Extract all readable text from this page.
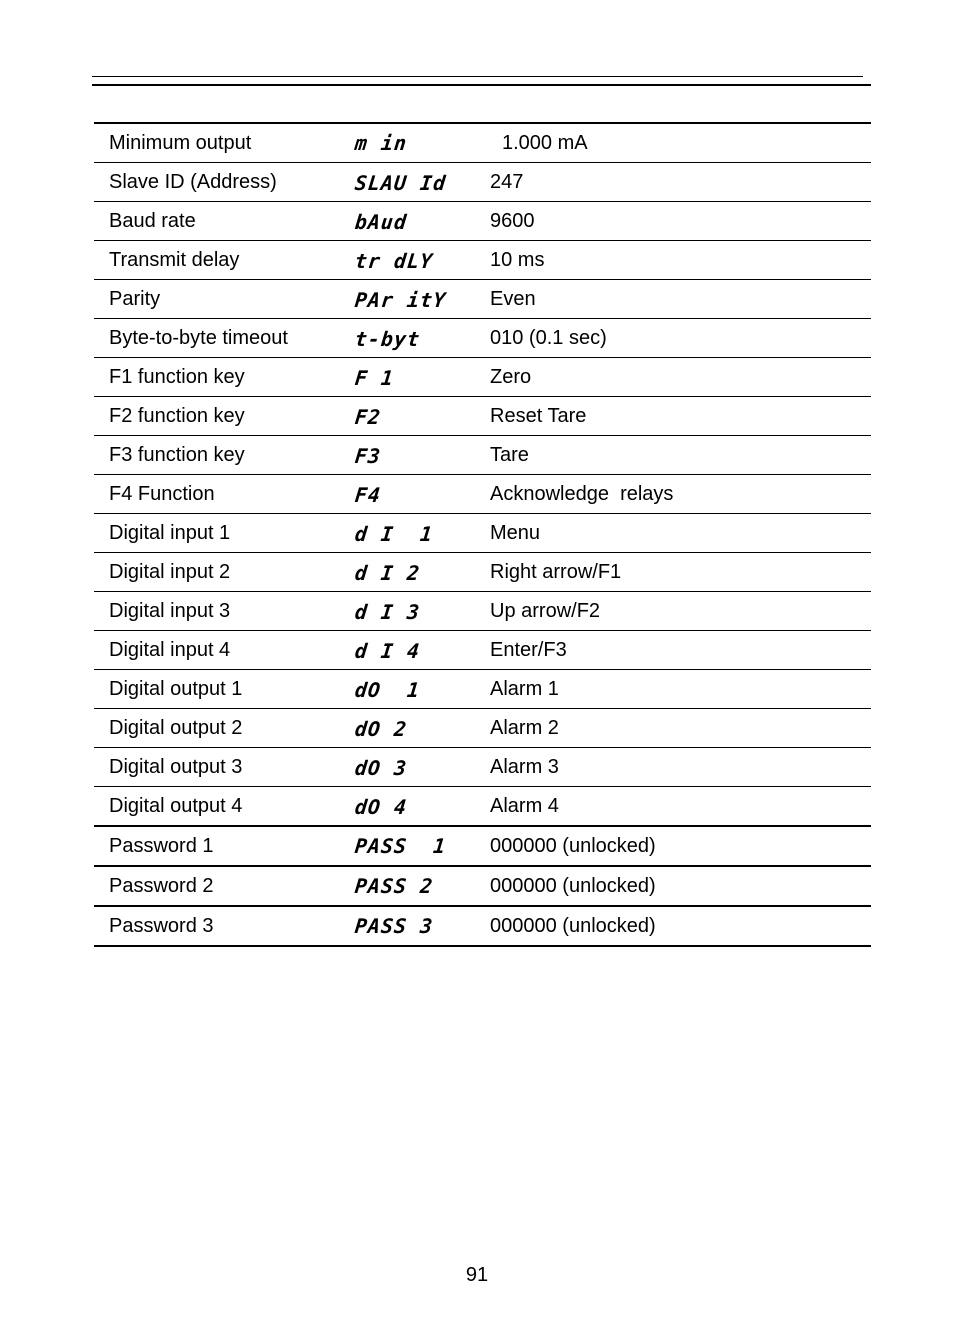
Minimum output	m in	1.000 mA
Slave ID (Address)	SLAU Id	247
Baud rate	bAud	9600
Transmit delay	tr dLY	10 ms
Parity	PAr itY	Even
Byte-to-byte timeout	t-byt	010 (0.1 sec)
F1 function key	F 1	Zero
F2 function key	F2	Reset Tare
F3 function key	F3	Tare
F4 Function	F4	Acknowledge  relays
Digital input 1	d I  1	Menu
Digital input 2	d I 2	Right arrow/F1
Digital input 3	d I 3	Up arrow/F2
Digital input 4	d I 4	Enter/F3
Digital output 1	dO  1	Alarm 1
Digital output 2	dO 2	Alarm 2
Digital output 3	dO 3	Alarm 3
Digital output 4	dO 4	Alarm 4
Password 1	PASS  1	000000 (unlocked)
Password 2	PASS 2	000000 (unlocked)
Password 3	PASS 3	000000 (unlocked)
91
